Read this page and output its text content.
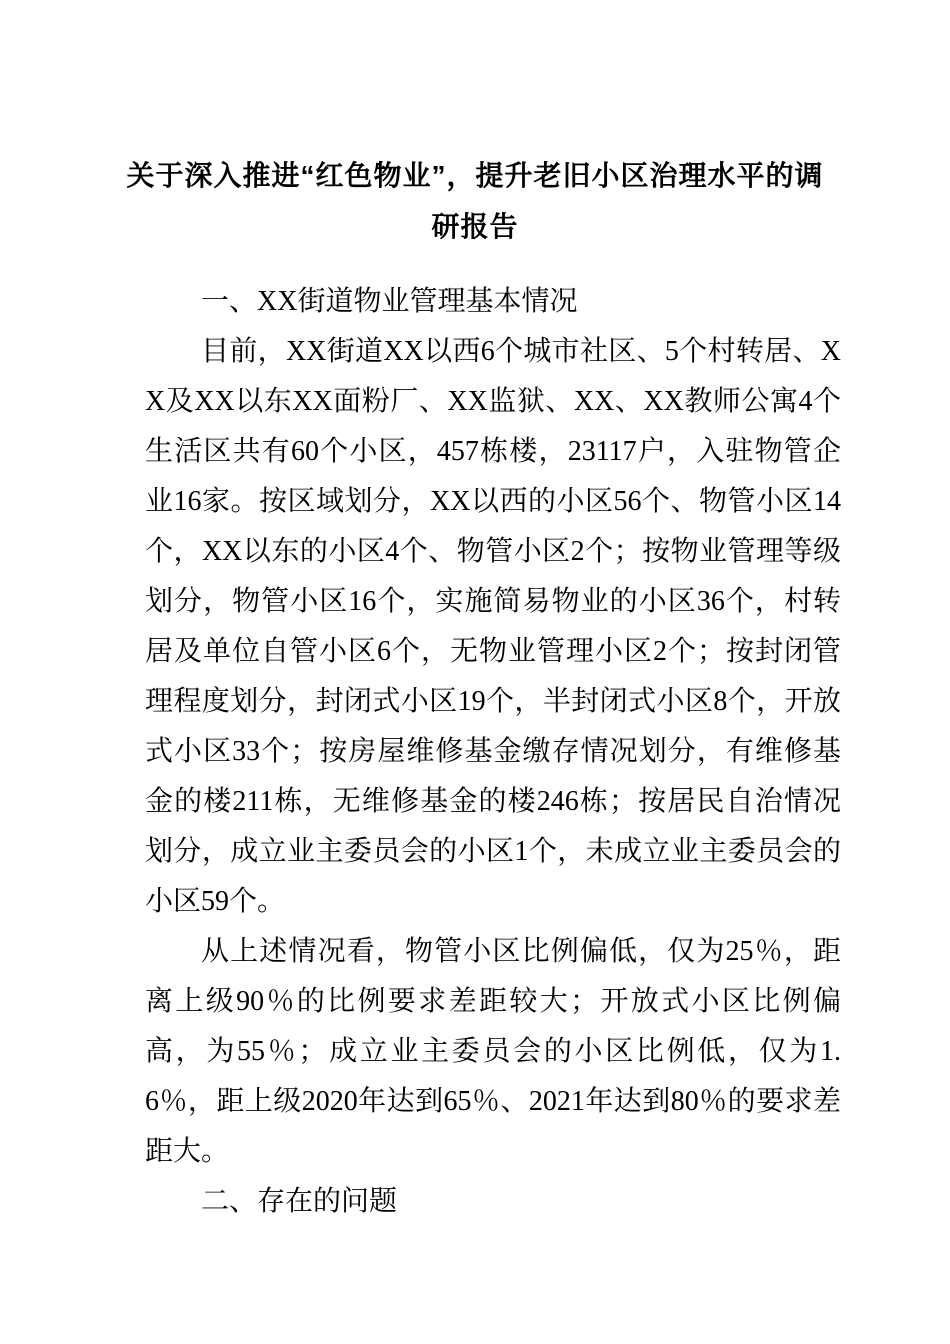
关于深入推进“红色物业”，提升老旧小区治理水平的调
研报告

一、XX街道物业管理基本情况

目前，XX街道XX以西6个城市社区、5个村转居、XX及XX以东XX面粉厂、XX监狱、XX、XX教师公寓4个生活区共有60个小区，457栋楼，23117户，入驻物管企业16家。按区域划分，XX以西的小区56个、物管小区14个，XX以东的小区4个、物管小区2个；按物业管理等级划分，物管小区16个，实施简易物业的小区36个，村转居及单位自管小区6个，无物业管理小区2个；按封闭管理程度划分，封闭式小区19个，半封闭式小区8个，开放式小区33个；按房屋维修基金缴存情况划分，有维修基金的楼211栋，无维修基金的楼246栋；按居民自治情况划分，成立业主委员会的小区1个，未成立业主委员会的小区59个。

从上述情况看，物管小区比例偏低，仅为25％，距离上级90％的比例要求差距较大；开放式小区比例偏高，为55％；成立业主委员会的小区比例低，仅为1.6％，距上级2020年达到65％、2021年达到80％的要求差距大。

二、存在的问题
